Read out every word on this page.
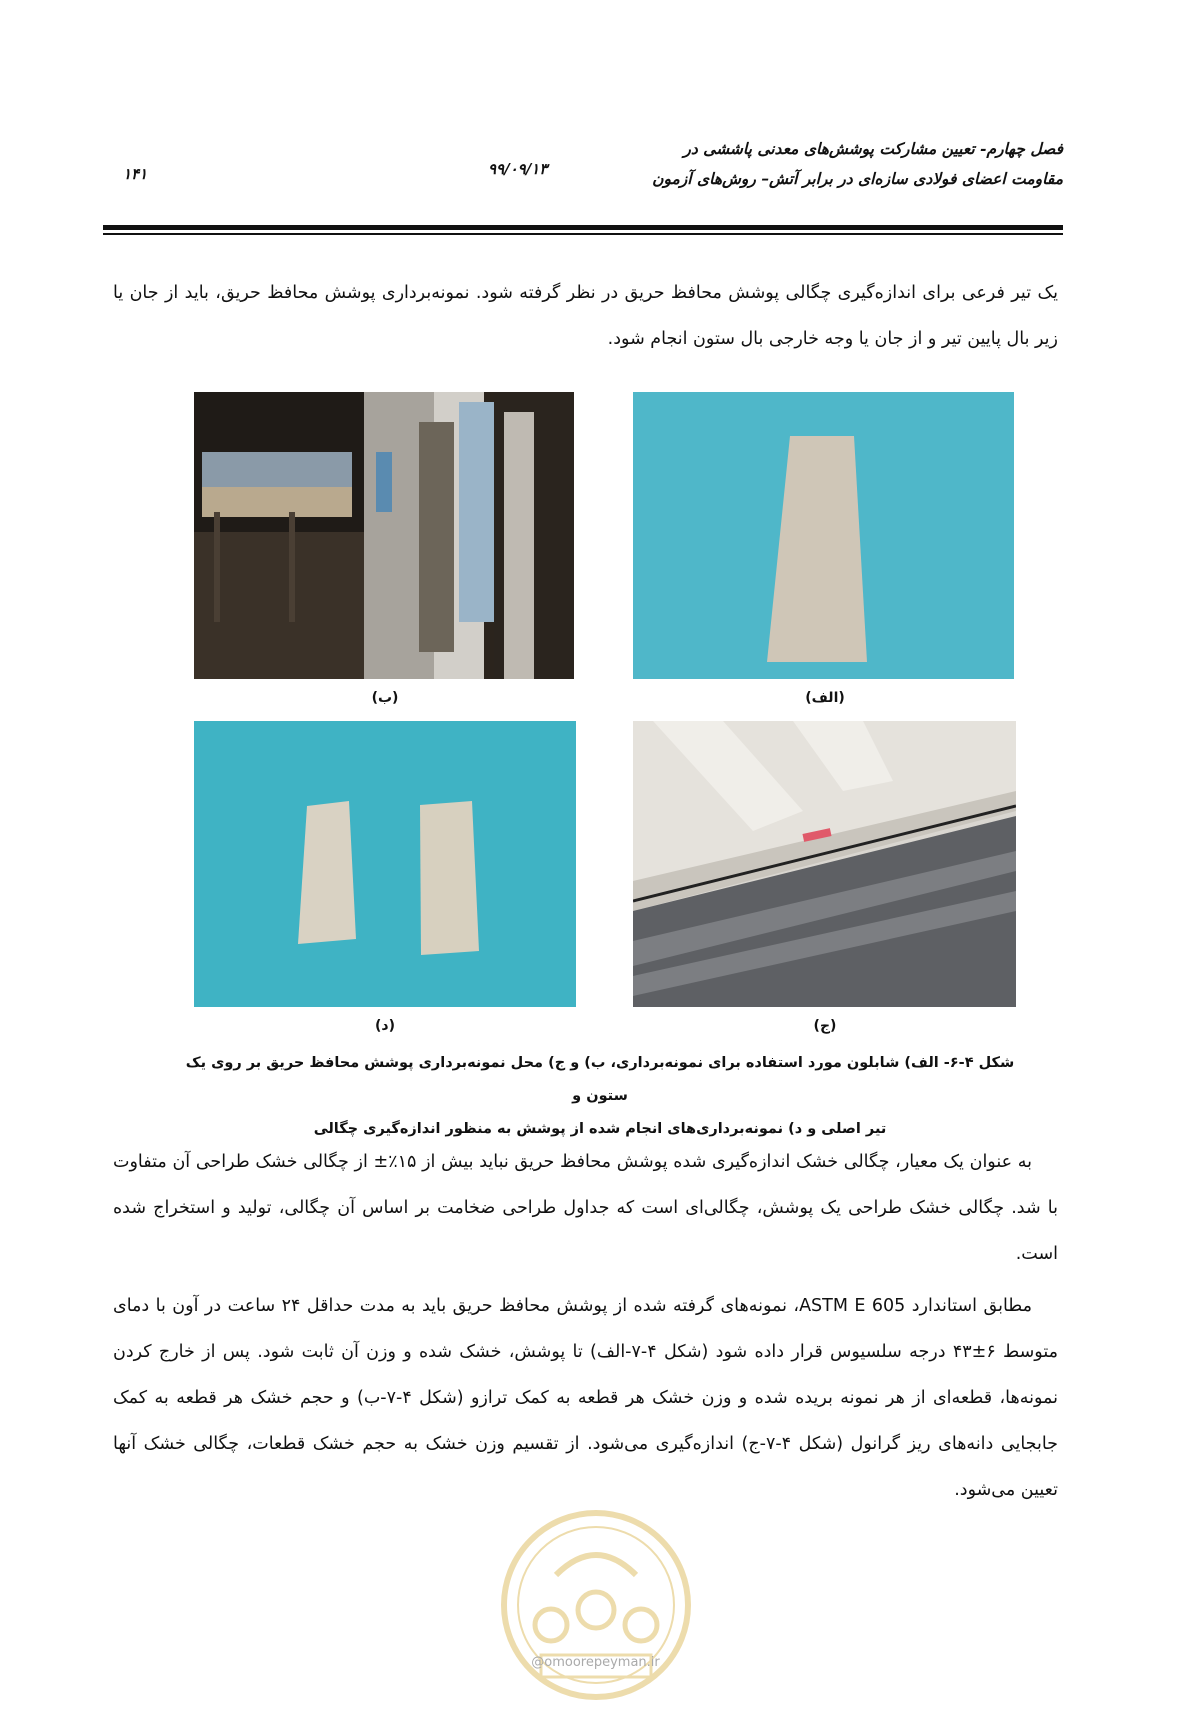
فصل چهارم- تعیین مشارکت پوشش‌های معدنی پاششی در مقاومت اعضای فولادی سازه‌ای در برابر آتش– روش‌های آزمون
۹۹/۰۹/۱۳
۱۴۱
یک تیر فرعی برای اندازه‌گیری چگالی پوشش محافظ حریق در نظر گرفته شود. نمونه‌برداری پوشش محافظ حریق، باید از جان یا زیر بال پایین تیر و از جان یا وجه خارجی بال ستون انجام شود.
(ب)	(الف)
(د)	(ج)
شکل ۴-۶- الف) شابلون مورد استفاده برای نمونه‌برداری، ب) و ج) محل نمونه‌برداری پوشش محافظ حریق بر روی یک ستون و
تیر اصلی و د) نمونه‌برداری‌های انجام شده از پوشش به منظور اندازه‌گیری چگالی
به عنوان یک معیار، چگالی خشک اندازه‌گیری شده پوشش محافظ حریق نباید بیش از ۱۵٪± از چگالی خشک طراحی آن متفاوت با شد. چگالی خشک طراحی یک پوشش، چگالی‌ای است که جداول طراحی ضخامت بر اساس آن چگالی، تولید و استخراج شده است.
مطابق استاندارد ASTM E 605، نمونه‌های گرفته شده از پوشش محافظ حریق باید به مدت حداقل ۲۴ ساعت در آون با دمای متوسط ۶±۴۳ درجه سلسیوس قرار داده شود (شکل ۴-۷-الف) تا پوشش، خشک شده و وزن آن ثابت شود. پس از خارج کردن نمونه‌ها، قطعه‌ای از هر نمونه بریده شده و وزن خشک هر قطعه به کمک ترازو (شکل ۴-۷-ب) و حجم خشک هر قطعه به کمک جابجایی دانه‌های ریز گرانول (شکل ۴-۷-ج) اندازه‌گیری می‌شود. از تقسیم وزن خشک به حجم خشک قطعات، چگالی خشک آنها تعیین می‌شود.
@omoorepeyman.ir
